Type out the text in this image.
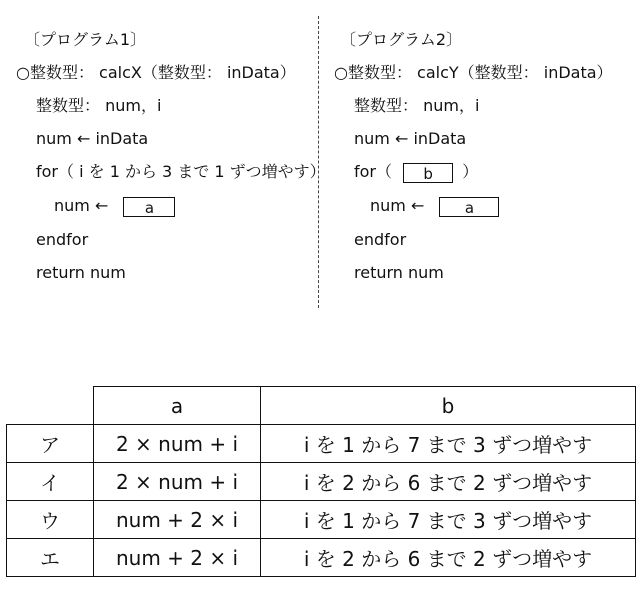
〔プログラム1〕
○整数型： calcX（整数型： inData）
整数型： num，i
num ← inData
for（ i を 1 から 3 まで 1 ずつ増やす）
num ← a
endfor
return num
〔プログラム2〕
○整数型： calcY（整数型： inData）
整数型： num，i
num ← inData
for（ b ）
num ←	a
endfor
return num
	a	b
ア	2 × num + i	i を 1 から 7 まで 3 ずつ増やす
イ	2 × num + i	i を 2 から 6 まで 2 ずつ増やす
ウ	num + 2 × i	i を 1 から 7 まで 3 ずつ増やす
エ	num + 2 × i	i を 2 から 6 まで 2 ずつ増やす
